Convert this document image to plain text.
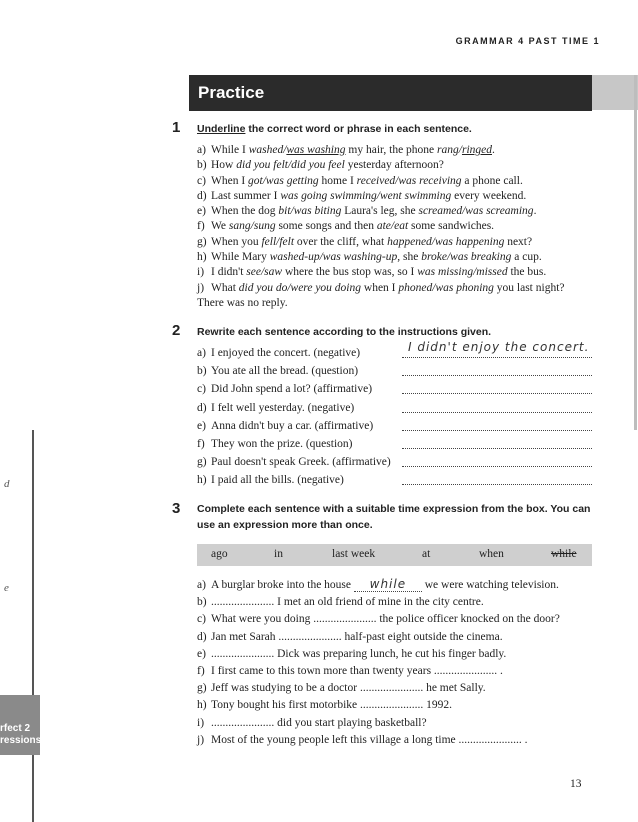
GRAMMAR 4 PAST TIME 1
Practice
d
e
rfect 2
ressions
1 Underline the correct word or phrase in each sentence.
a) While I washed/was washing my hair, the phone rang/ringed.
b) How did you felt/did you feel yesterday afternoon?
c) When I got/was getting home I received/was receiving a phone call.
d) Last summer I was going swimming/went swimming every weekend.
e) When the dog bit/was biting Laura's leg, she screamed/was screaming.
f) We sang/sung some songs and then ate/eat some sandwiches.
g) When you fell/felt over the cliff, what happened/was happening next?
h) While Mary washed-up/was washing-up, she broke/was breaking a cup.
i) I didn't see/saw where the bus stop was, so I was missing/missed the bus.
j) What did you do/were you doing when I phoned/was phoning you last night?
There was no reply.
2 Rewrite each sentence according to the instructions given.
a) I enjoyed the concert. (negative)	I didn't enjoy the concert.
b) You ate all the bread. (question)
c) Did John spend a lot? (affirmative)
d) I felt well yesterday. (negative)
e) Anna didn't buy a car. (affirmative)
f) They won the prize. (question)
g) Paul doesn't speak Greek. (affirmative)
h) I paid all the bills. (negative)
3 Complete each sentence with a suitable time expression from the box. You can
use an expression more than once.
ago	in	last week	at	when	while
a) A burglar broke into the house while we were watching television.
b) ...................... I met an old friend of mine in the city centre.
c) What were you doing ...................... the police officer knocked on the door?
d) Jan met Sarah ...................... half-past eight outside the cinema.
e) ...................... Dick was preparing lunch, he cut his finger badly.
f) I first came to this town more than twenty years ...................... .
g) Jeff was studying to be a doctor ...................... he met Sally.
h) Tony bought his first motorbike ...................... 1992.
i) ...................... did you start playing basketball?
j) Most of the young people left this village a long time ...................... .
13
